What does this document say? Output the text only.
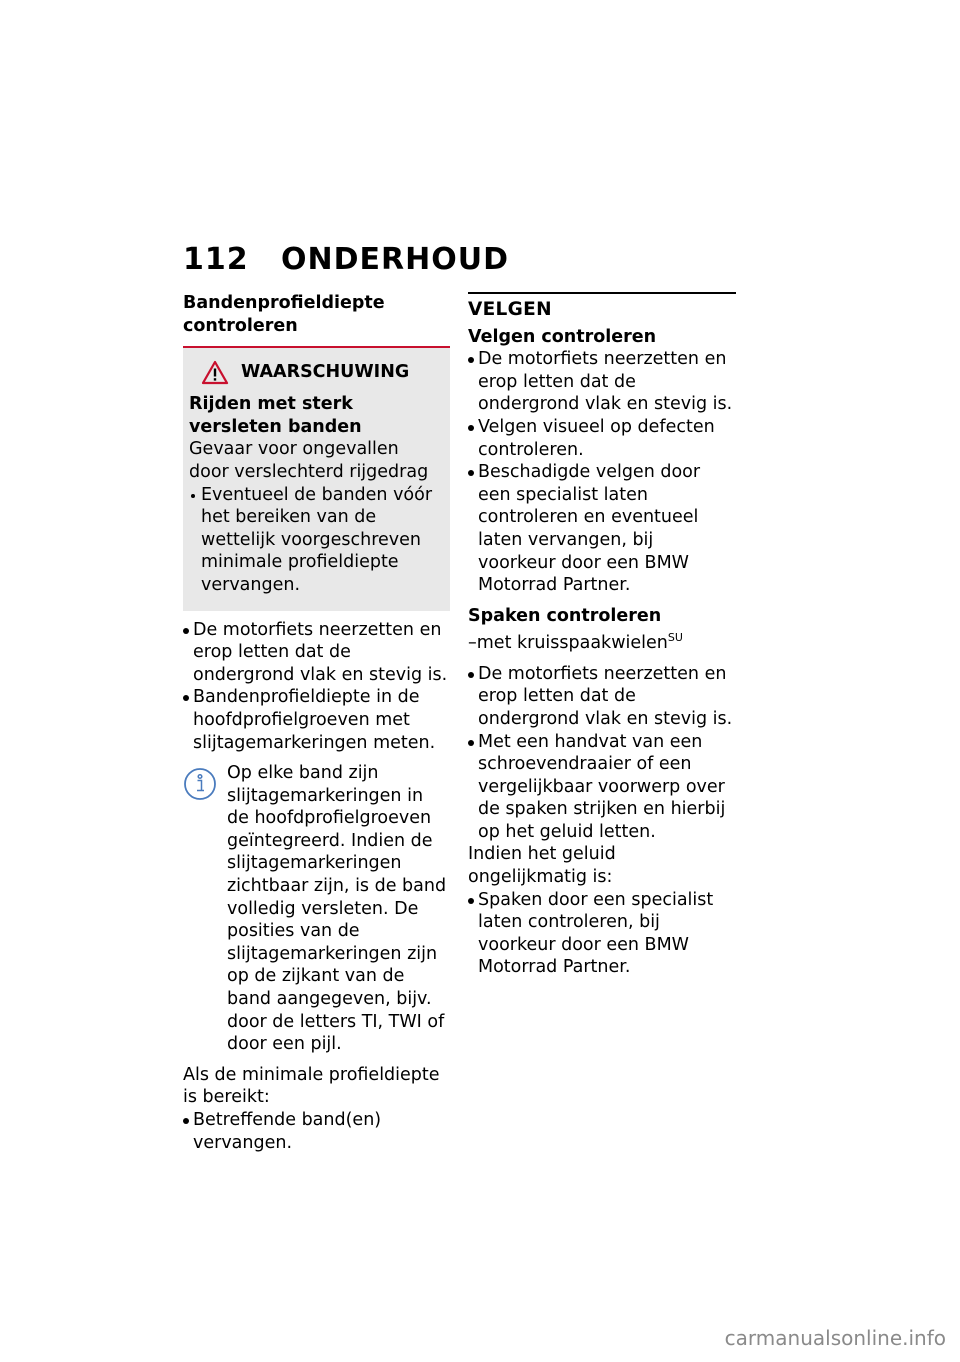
112 ONDERHOUD
Bandenprofieldiepte controleren
WAARSCHUWING
Rijden met sterk versleten banden
Gevaar voor ongevallen door verslechterd rijgedrag
Eventueel de banden vóór het bereiken van de wettelijk voorgeschreven minimale profieldiepte vervangen.
De motorfiets neerzetten en erop letten dat de ondergrond vlak en stevig is.
Bandenprofieldiepte in de hoofdprofielgroeven met slijtagemarkeringen meten.
Op elke band zijn slijtagemarkeringen in de hoofdprofielgroeven geïntegreerd. Indien de slijtagemarkeringen zichtbaar zijn, is de band volledig versleten. De posities van de slijtagemarkeringen zijn op de zijkant van de band aangegeven, bijv. door de letters TI, TWI of door een pijl.
Als de minimale profieldiepte is bereikt:
Betreffende band(en) vervangen.
VELGEN
Velgen controleren
De motorfiets neerzetten en erop letten dat de ondergrond vlak en stevig is.
Velgen visueel op defecten controleren.
Beschadigde velgen door een specialist laten controleren en eventueel laten vervangen, bij voorkeur door een BMW Motorrad Partner.
Spaken controleren
–met kruisspaakwielen$^{SU}$
De motorfiets neerzetten en erop letten dat de ondergrond vlak en stevig is.
Met een handvat van een schroevendraaier of een vergelijkbaar voorwerp over de spaken strijken en hierbij op het geluid letten.
Indien het geluid ongelijkmatig is:
Spaken door een specialist laten controleren, bij voorkeur door een BMW Motorrad Partner.
carmanualsonline.info
